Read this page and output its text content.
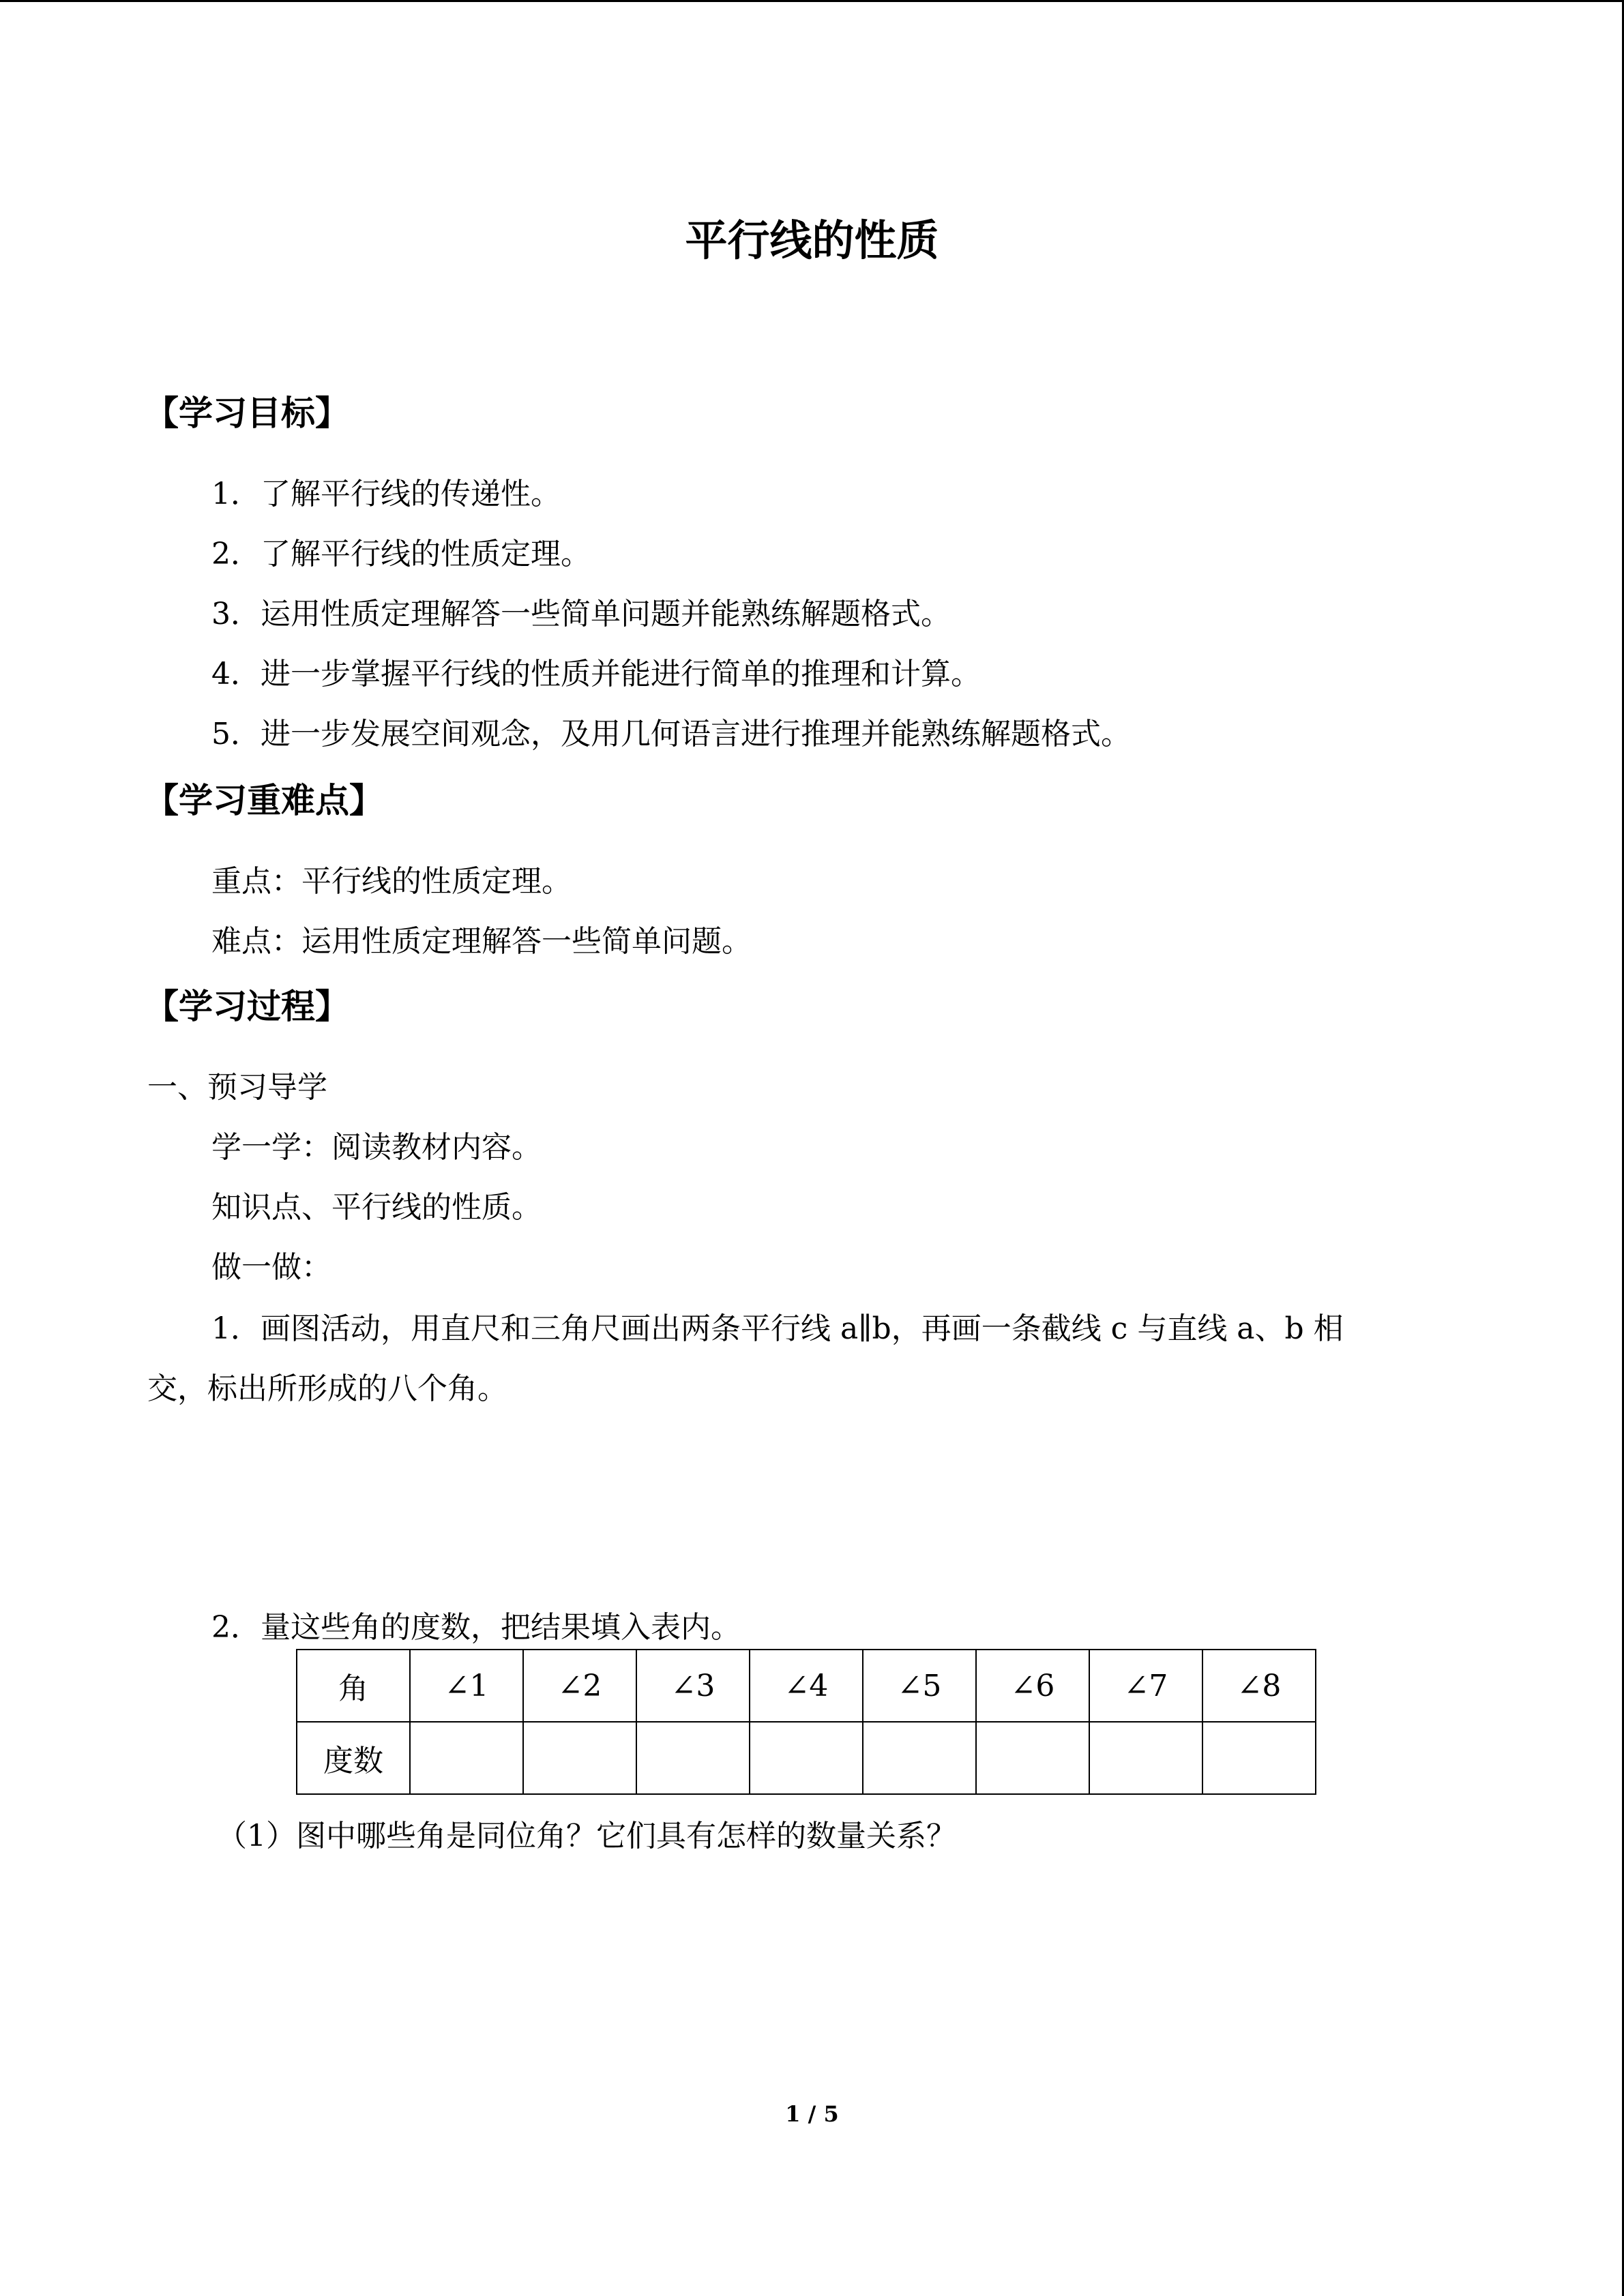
平行线的性质
【学习目标】
1．了解平行线的传递性。
2．了解平行线的性质定理。
3．运用性质定理解答一些简单问题并能熟练解题格式。
4．进一步掌握平行线的性质并能进行简单的推理和计算。
5．进一步发展空间观念，及用几何语言进行推理并能熟练解题格式。
【学习重难点】
重点：平行线的性质定理。
难点：运用性质定理解答一些简单问题。
【学习过程】
一、预习导学
学一学：阅读教材内容。
知识点、平行线的性质。
做一做：
1．画图活动，用直尺和三角尺画出两条平行线 a∥b，再画一条截线 c 与直线 a、b 相
交，标出所形成的八个角。
2．量这些角的度数，把结果填入表内。
角	∠1	∠2	∠3	∠4	∠5	∠6	∠7	∠8
度数								
（1）图中哪些角是同位角？它们具有怎样的数量关系？
1 / 5
